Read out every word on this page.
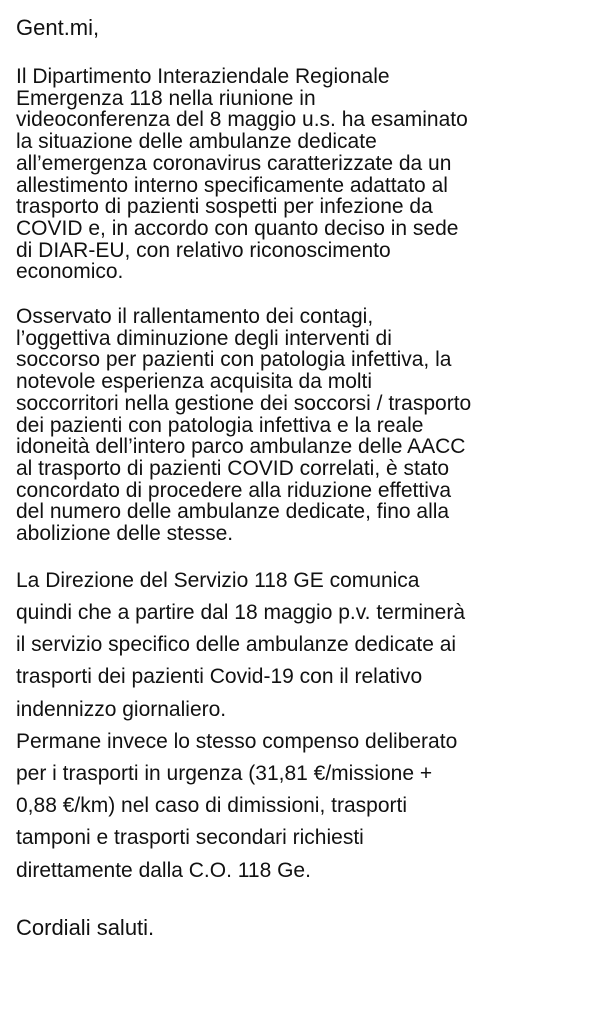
Gent.mi,

Il Dipartimento Interaziendale Regionale
Emergenza 118 nella riunione in
videoconferenza del 8 maggio u.s. ha esaminato
la situazione delle ambulanze dedicate
all’emergenza coronavirus caratterizzate da un
allestimento interno specificamente adattato al
trasporto di pazienti sospetti per infezione da
COVID e, in accordo con quanto deciso in sede
di DIAR-EU, con relativo riconoscimento
economico.

Osservato il rallentamento dei contagi,
l’oggettiva diminuzione degli interventi di
soccorso per pazienti con patologia infettiva, la
notevole esperienza acquisita da molti
soccorritori nella gestione dei soccorsi / trasporto
dei pazienti con patologia infettiva e la reale
idoneità dell’intero parco ambulanze delle AACC
al trasporto di pazienti COVID correlati, è stato
concordato di procedere alla riduzione effettiva
del numero delle ambulanze dedicate, fino alla
abolizione delle stesse.

La Direzione del Servizio 118 GE comunica
quindi che a partire dal 18 maggio p.v. terminerà
il servizio specifico delle ambulanze dedicate ai
trasporti dei pazienti Covid-19 con il relativo
indennizzo giornaliero.

Permane invece lo stesso compenso deliberato
per i trasporti in urgenza (31,81 €/missione +
0,88 €/km) nel caso di dimissioni, trasporti
tamponi e trasporti secondari richiesti
direttamente dalla C.O. 118 Ge.

Cordiali saluti.
